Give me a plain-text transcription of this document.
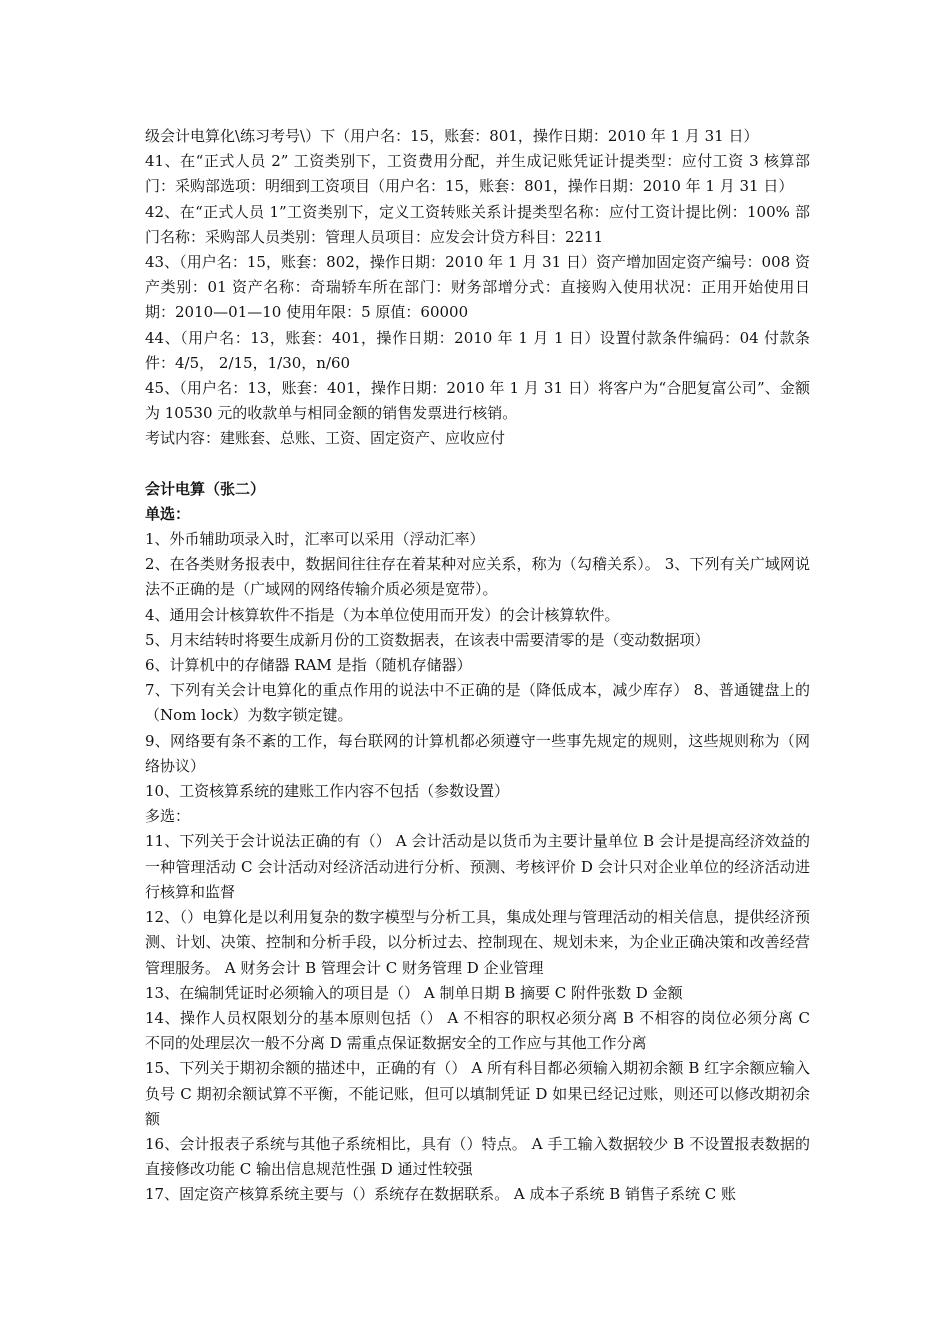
级会计电算化\练习考号\）下（用户名：15，账套：801，操作日期：2010 年 1 月 31 日）

41、在“正式人员 2” 工资类别下，工资费用分配，并生成记账凭证计提类型：应付工资 3 核算部门：采购部选项：明细到工资项目（用户名：15，账套：801，操作日期：2010 年 1 月 31 日）

42、在“正式人员 1”工资类别下，定义工资转账关系计提类型名称：应付工资计提比例：100% 部门名称：采购部人员类别：管理人员项目：应发会计贷方科目：2211

43、（用户名：15，账套：802，操作日期：2010 年 1 月 31 日）资产增加固定资产编号：008 资产类别：01 资产名称：奇瑞轿车所在部门：财务部增分式：直接购入使用状况：正用开始使用日期：2010—01—10 使用年限：5 原值：60000

44、（用户名：13，账套：401，操作日期：2010 年 1 月 1 日）设置付款条件编码：04 付款条件：4/5， 2/15，1/30，n/60

45、（用户名：13，账套：401，操作日期：2010 年 1 月 31 日）将客户为“合肥复富公司”、金额为 10530 元的收款单与相同金额的销售发票进行核销。

考试内容：建账套、总账、工资、固定资产、应收应付

会计电算（张二）

单选：

1、外币辅助项录入时，汇率可以采用（浮动汇率）

2、在各类财务报表中，数据间往往存在着某种对应关系，称为（勾稽关系）。 3、下列有关广域网说法不正确的是（广域网的网络传输介质必须是宽带）。

4、通用会计核算软件不指是（为本单位使用而开发）的会计核算软件。

5、月末结转时将要生成新月份的工资数据表，在该表中需要清零的是（变动数据项）

6、计算机中的存储器 RAM 是指（随机存储器）

7、下列有关会计电算化的重点作用的说法中不正确的是（降低成本，减少库存） 8、普通键盘上的（Nom lock）为数字锁定键。

9、网络要有条不紊的工作，每台联网的计算机都必须遵守一些事先规定的规则，这些规则称为（网络协议）

10、工资核算系统的建账工作内容不包括（参数设置）

多选：

11、下列关于会计说法正确的有（） A 会计活动是以货币为主要计量单位 B 会计是提高经济效益的一种管理活动 C 会计活动对经济活动进行分析、预测、考核评价 D 会计只对企业单位的经济活动进行核算和监督

12、（）电算化是以利用复杂的数字模型与分析工具，集成处理与管理活动的相关信息，提供经济预测、计划、决策、控制和分析手段，以分析过去、控制现在、规划未来，为企业正确决策和改善经营管理服务。 A 财务会计 B 管理会计 C 财务管理 D 企业管理

13、在编制凭证时必须输入的项目是（） A 制单日期 B 摘要 C 附件张数 D 金额

14、操作人员权限划分的基本原则包括（） A 不相容的职权必须分离 B 不相容的岗位必须分离 C 不同的处理层次一般不分离 D 需重点保证数据安全的工作应与其他工作分离

15、下列关于期初余额的描述中，正确的有（） A 所有科目都必须输入期初余额 B 红字余额应输入负号 C 期初余额试算不平衡，不能记账，但可以填制凭证 D 如果已经记过账，则还可以修改期初余额

16、会计报表子系统与其他子系统相比，具有（）特点。 A 手工输入数据较少 B 不设置报表数据的直接修改功能 C 输出信息规范性强 D 通过性较强

17、固定资产核算系统主要与（）系统存在数据联系。 A 成本子系统 B 销售子系统 C 账
